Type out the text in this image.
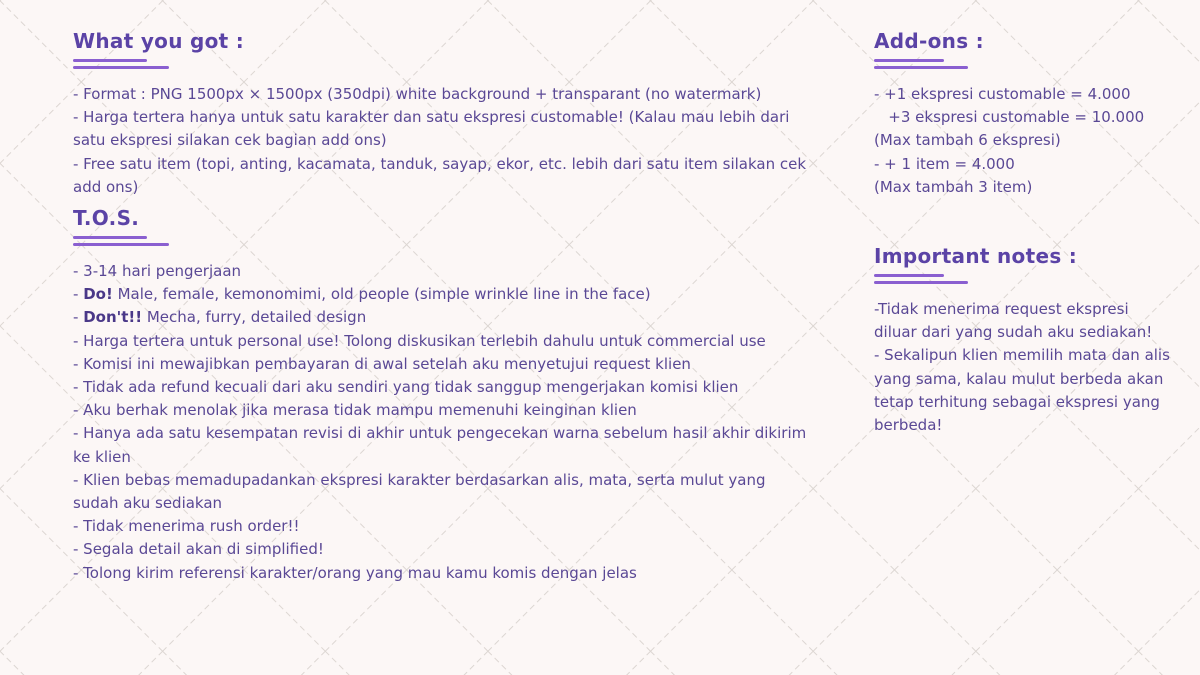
What you got :
- Format : PNG 1500px × 1500px (350dpi) white background + transparant (no watermark)
- Harga tertera hanya untuk satu karakter dan satu ekspresi customable! (Kalau mau lebih dari satu ekspresi silakan cek bagian add ons)
- Free satu item (topi, anting, kacamata, tanduk, sayap, ekor, etc. lebih dari satu item silakan cek add ons)
T.O.S.
- 3-14 hari pengerjaan
- Do! Male, female, kemonomimi, old people (simple wrinkle line in the face)
- Don't!! Mecha, furry, detailed design
- Harga tertera untuk personal use! Tolong diskusikan terlebih dahulu untuk commercial use
- Komisi ini mewajibkan pembayaran di awal setelah aku menyetujui request klien
- Tidak ada refund kecuali dari aku sendiri yang tidak sanggup mengerjakan komisi klien
- Aku berhak menolak jika merasa tidak mampu memenuhi keinginan klien
- Hanya ada satu kesempatan revisi di akhir untuk pengecekan warna sebelum hasil akhir dikirim ke klien
- Klien bebas memadupadankan ekspresi karakter berdasarkan alis, mata, serta mulut yang sudah aku sediakan
- Tidak menerima rush order!!
- Segala detail akan di simplified!
- Tolong kirim referensi karakter/orang yang mau kamu komis dengan jelas
Add-ons :
- +1 ekspresi customable = 4.000
+3 ekspresi customable = 10.000
(Max tambah 6 ekspresi)
- + 1 item = 4.000
(Max tambah 3 item)
Important notes :
-Tidak menerima request ekspresi diluar dari yang sudah aku sediakan!
- Sekalipun klien memilih mata dan alis yang sama, kalau mulut berbeda akan tetap terhitung sebagai ekspresi yang berbeda!
